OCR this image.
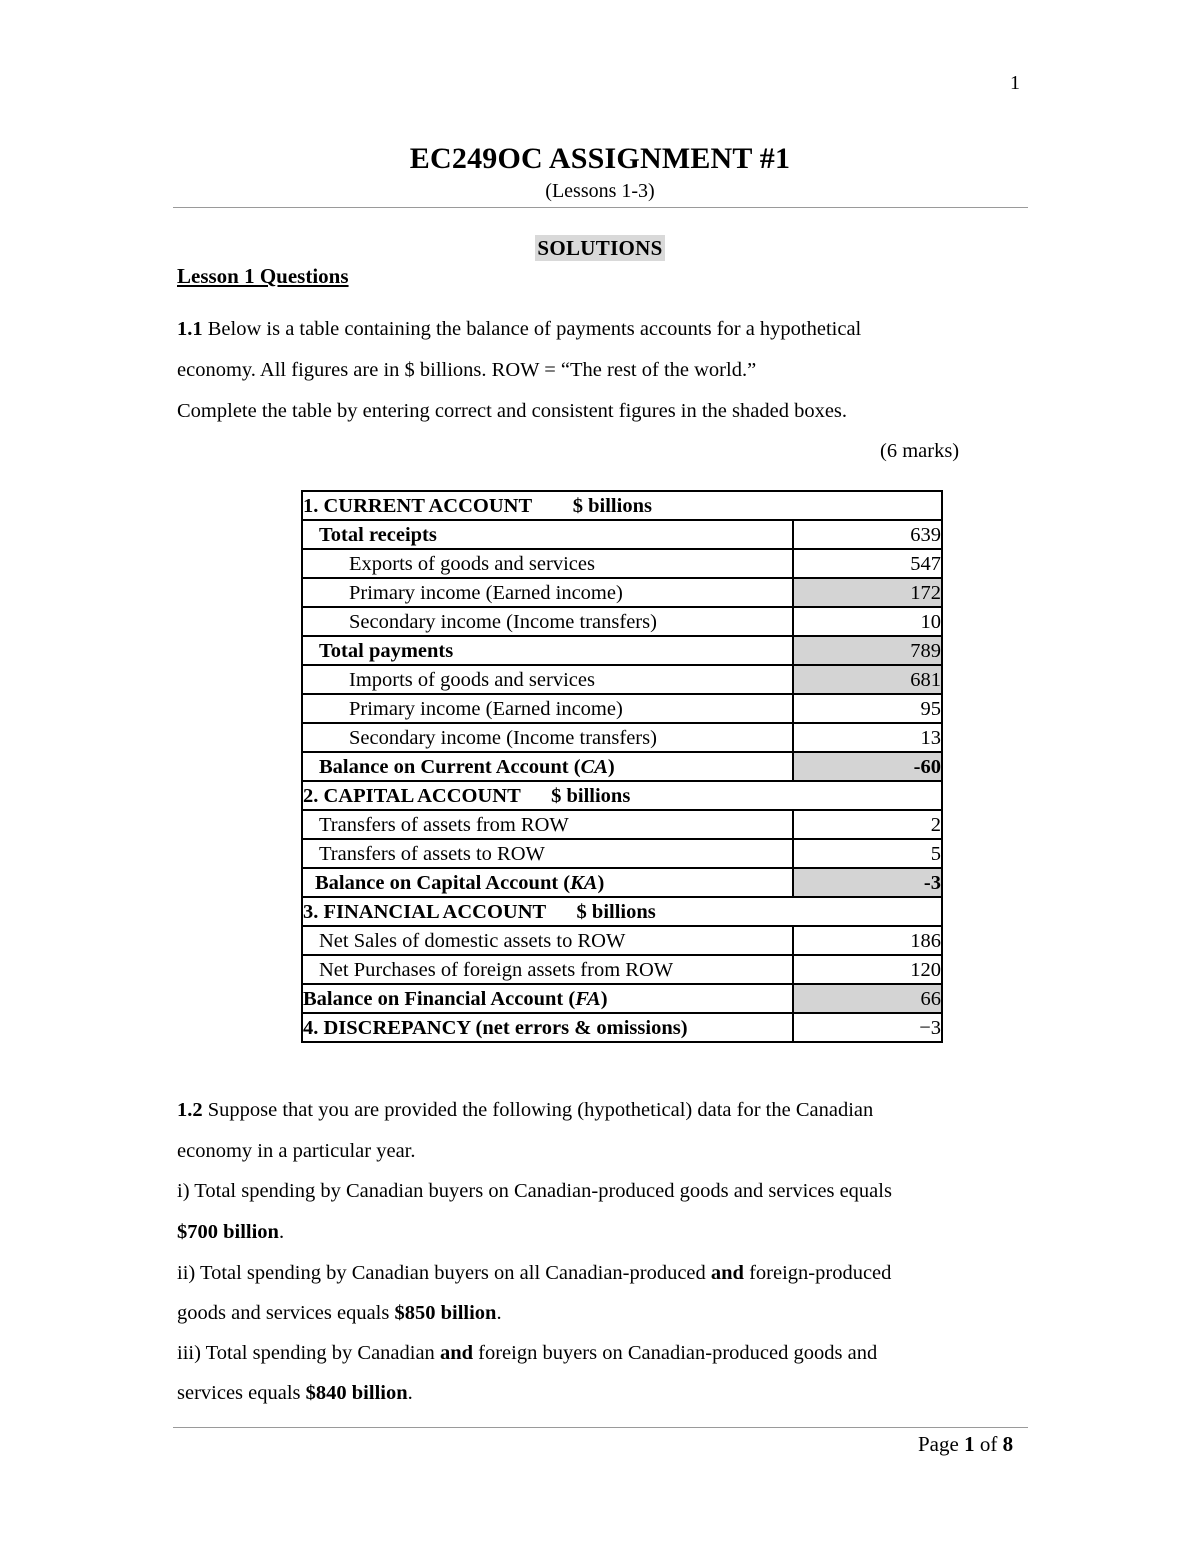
1
EC249OC ASSIGNMENT #1
(Lessons 1-3)
SOLUTIONS
Lesson 1 Questions
1.1 Below is a table containing the balance of payments accounts for a hypothetical
economy. All figures are in $ billions. ROW = “The rest of the world.”
Complete the table by entering correct and consistent figures in the shaded boxes.
(6 marks)
1. CURRENT ACCOUNT        $ billions	
Total receipts	639
Exports of goods and services	547
Primary income (Earned income)	172
Secondary income (Income transfers)	10
Total payments	789
Imports of goods and services	681
Primary income (Earned income)	95
Secondary income (Income transfers)	13
Balance on Current Account (CA)	-60
2. CAPITAL ACCOUNT      $ billions	
Transfers of assets from ROW	2
Transfers of assets to ROW	5
Balance on Capital Account (KA)	-3
3. FINANCIAL ACCOUNT      $ billions	
Net Sales of domestic assets to ROW	186
Net Purchases of foreign assets from ROW	120
Balance on Financial Account (FA)	66
4. DISCREPANCY (net errors & omissions)	−3
1.2 Suppose that you are provided the following (hypothetical) data for the Canadian
economy in a particular year.
i) Total spending by Canadian buyers on Canadian-produced goods and services equals
$700 billion.
ii) Total spending by Canadian buyers on all Canadian-produced and foreign-produced
goods and services equals $850 billion.
iii) Total spending by Canadian and foreign buyers on Canadian-produced goods and
services equals $840 billion.
Page 1 of 8
